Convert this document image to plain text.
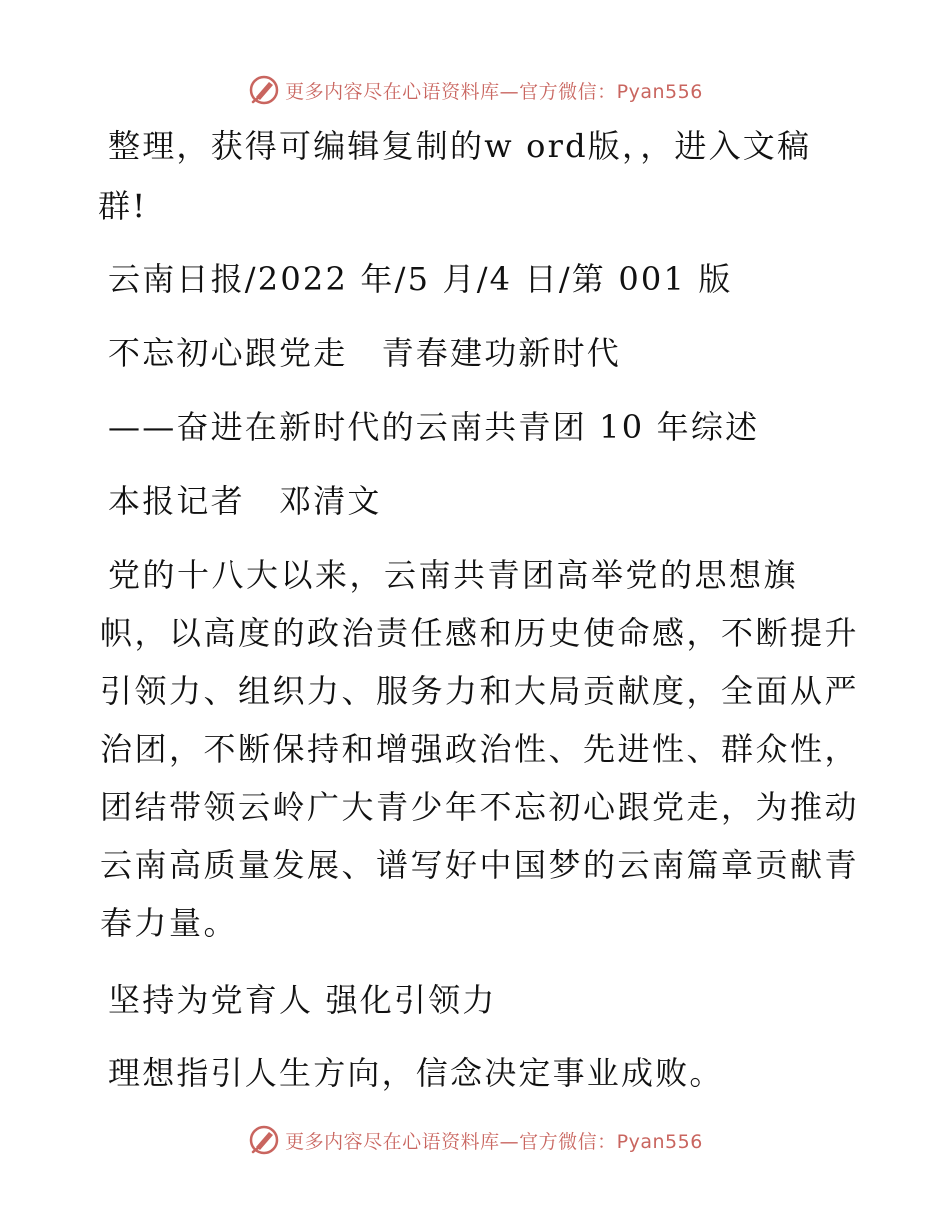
更多内容尽在心语资料库—官方微信：Pyan556
整理，获得可编辑复制的w ord版，，进入文稿
群!
云南日报/2022 年/5 月/4 日/第 001 版
不忘初心跟党走　青春建功新时代
——奋进在新时代的云南共青团 10 年综述
本报记者　邓清文
党的十八大以来，云南共青团高举党的思想旗帜，以高度的政治责任感和历史使命感，不断提升引领力、组织力、服务力和大局贡献度，全面从严治团，不断保持和增强政治性、先进性、群众性，团结带领云岭广大青少年不忘初心跟党走，为推动云南高质量发展、谱写好中国梦的云南篇章贡献青春力量。
坚持为党育人 强化引领力
理想指引人生方向，信念决定事业成败。
更多内容尽在心语资料库—官方微信：Pyan556
